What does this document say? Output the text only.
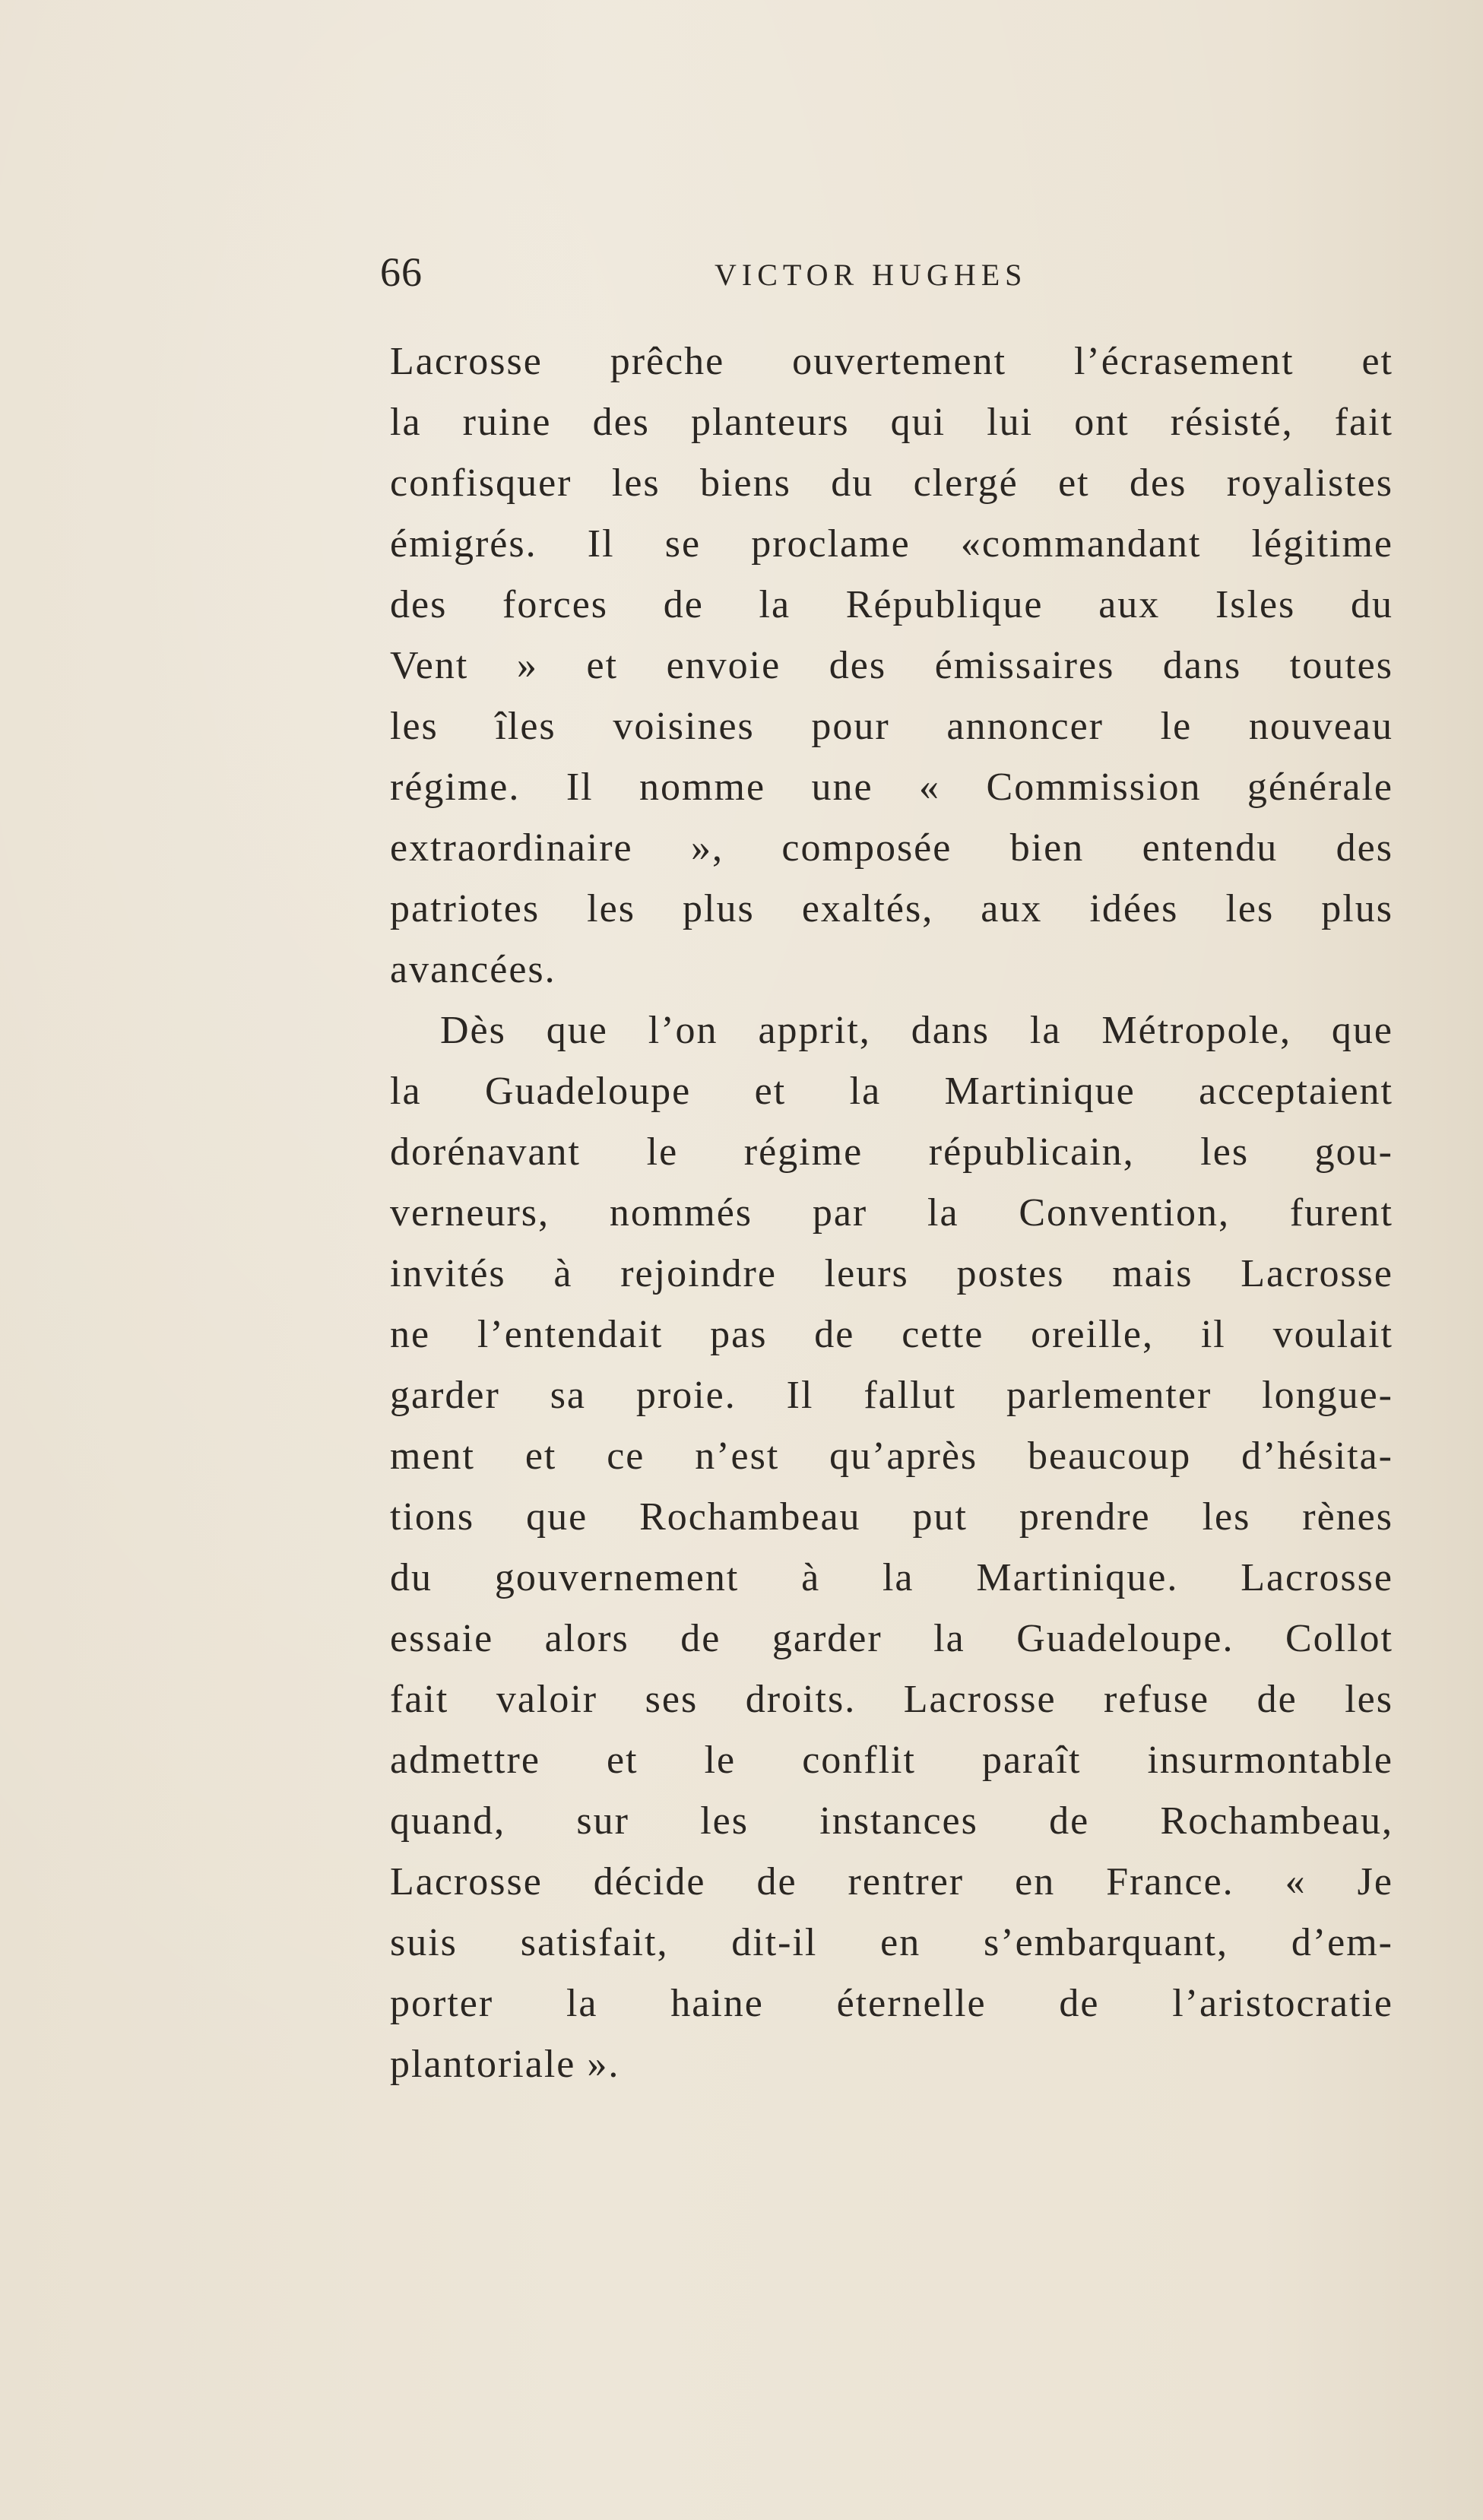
66	VICTOR HUGHES
Lacrosse prêche ouvertement l’écrasement et
la ruine des planteurs qui lui ont résisté, fait
confisquer les biens du clergé et des royalistes
émigrés. Il se proclame «commandant légitime
des forces de la République aux Isles du
Vent » et envoie des émissaires dans toutes
les îles voisines pour annoncer le nouveau
régime. Il nomme une « Commission générale
extraordinaire », composée bien entendu des
patriotes les plus exaltés, aux idées les plus
avancées.
Dès que l’on apprit, dans la Métropole, que
la Guadeloupe et la Martinique acceptaient
dorénavant le régime républicain, les gou-
verneurs, nommés par la Convention, furent
invités à rejoindre leurs postes mais Lacrosse
ne l’entendait pas de cette oreille, il voulait
garder sa proie. Il fallut parlementer longue-
ment et ce n’est qu’après beaucoup d’hésita-
tions que Rochambeau put prendre les rènes
du gouvernement à la Martinique. Lacrosse
essaie alors de garder la Guadeloupe. Collot
fait valoir ses droits. Lacrosse refuse de les
admettre et le conflit paraît insurmontable
quand, sur les instances de Rochambeau,
Lacrosse décide de rentrer en France. « Je
suis satisfait, dit-il en s’embarquant, d’em-
porter la haine éternelle de l’aristocratie
plantoriale ».
